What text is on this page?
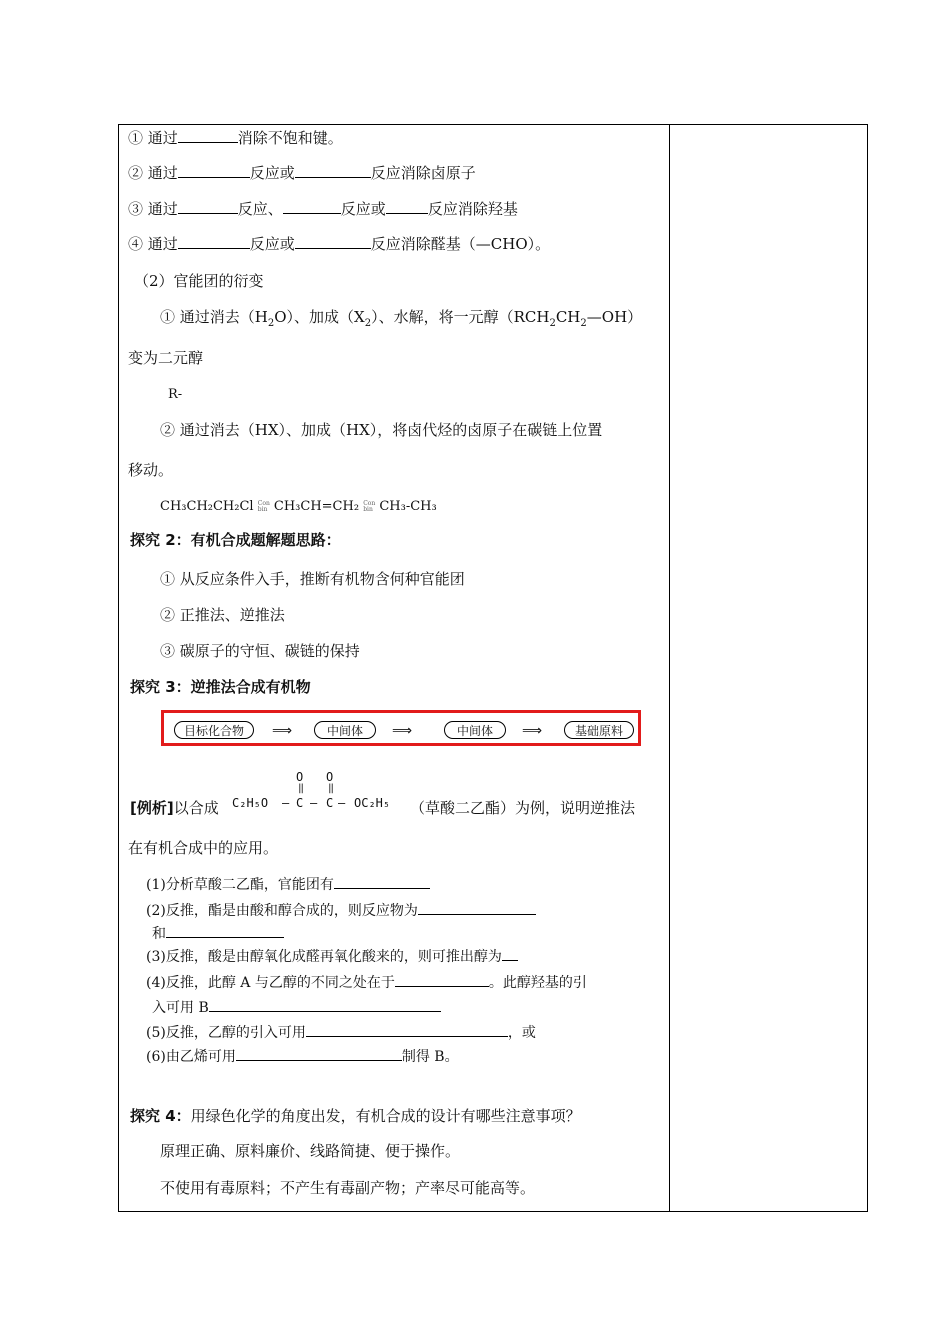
① 通过	消除不饱和键。
② 通过	反应或	反应消除卤原子
③ 通过	反应、	反应或	反应消除羟基
④ 通过	反应或	反应消除醛基（—CHO）。
（2）官能团的衍变
① 通过消去$(H_2O)$、加成$(X_2)$、水解，将一元醇$(RCH_2CH_2—OH)$
变为二元醇
R-
② 通过消去（HX）、加成（HX），将卤代烃的卤原子在碳链上位置
移动。
CH₃CH₂CH₂Cl Con
bin CH₃CH=CH₂ Con
bin CH₃-CH₃
探究 2：有机合成题解题思路：
① 从反应条件入手，推断有机物含何种官能团
② 正推法、逆推法
③ 碳原子的守恒、碳链的保持
探究 3：逆推法合成有机物
目标化合物	⟹	中间体	⟹	中间体	⟹	基础原料
[例析]以合成 C₂H₅O — C
O
‖
— C
O
‖
— OC₂H₅ （草酸二乙酯）为例，说明逆推法
在有机合成中的应用。
(1)分析草酸二乙酯，官能团有
(2)反推，酯是由酸和醇合成的，则反应物为
和
(3)反推，酸是由醇氧化成醛再氧化酸来的，则可推出醇为
(4)反推，此醇 A 与乙醇的不同之处在于	。此醇羟基的引
入可用 B
(5)反推，乙醇的引入可用	，或
(6)由乙烯可用	制得 B。
探究 4：用绿色化学的角度出发，有机合成的设计有哪些注意事项？
原理正确、原料廉价、线路简捷、便于操作。
不使用有毒原料；不产生有毒副产物；产率尽可能高等。
